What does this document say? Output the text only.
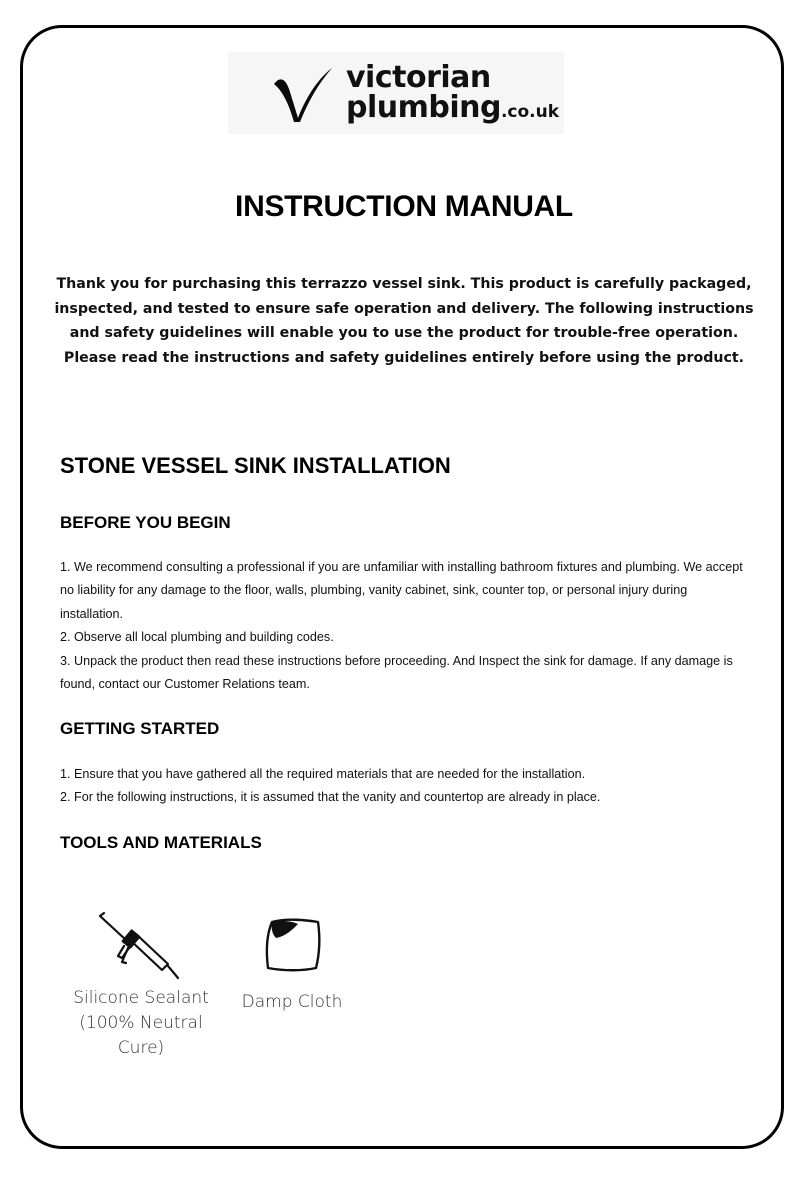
victorian
plumbing.co.uk
INSTRUCTION MANUAL
Thank you for purchasing this terrazzo vessel sink. This product is carefully packaged, inspected, and tested to ensure safe operation and delivery. The following instructions and safety guidelines will enable you to use the product for trouble-free operation. Please read the instructions and safety guidelines entirely before using the product.
STONE VESSEL SINK INSTALLATION
BEFORE YOU BEGIN

1. We recommend consulting a professional if you are unfamiliar with installing bathroom fixtures and plumbing. We accept no liability for any damage to the floor, walls, plumbing, vanity cabinet, sink, counter top, or personal injury during installation.

2. Observe all local plumbing and building codes.

3. Unpack the product then read these instructions before proceeding. And Inspect the sink for damage. If any damage is found, contact our Customer Relations team.

GETTING STARTED

1. Ensure that you have gathered all the required materials that are needed for the installation.

2. For the following instructions, it is assumed that the vanity and countertop are already in place.

TOOLS AND MATERIALS
Silicone Sealant
(100% Neutral
Cure)
Damp Cloth
